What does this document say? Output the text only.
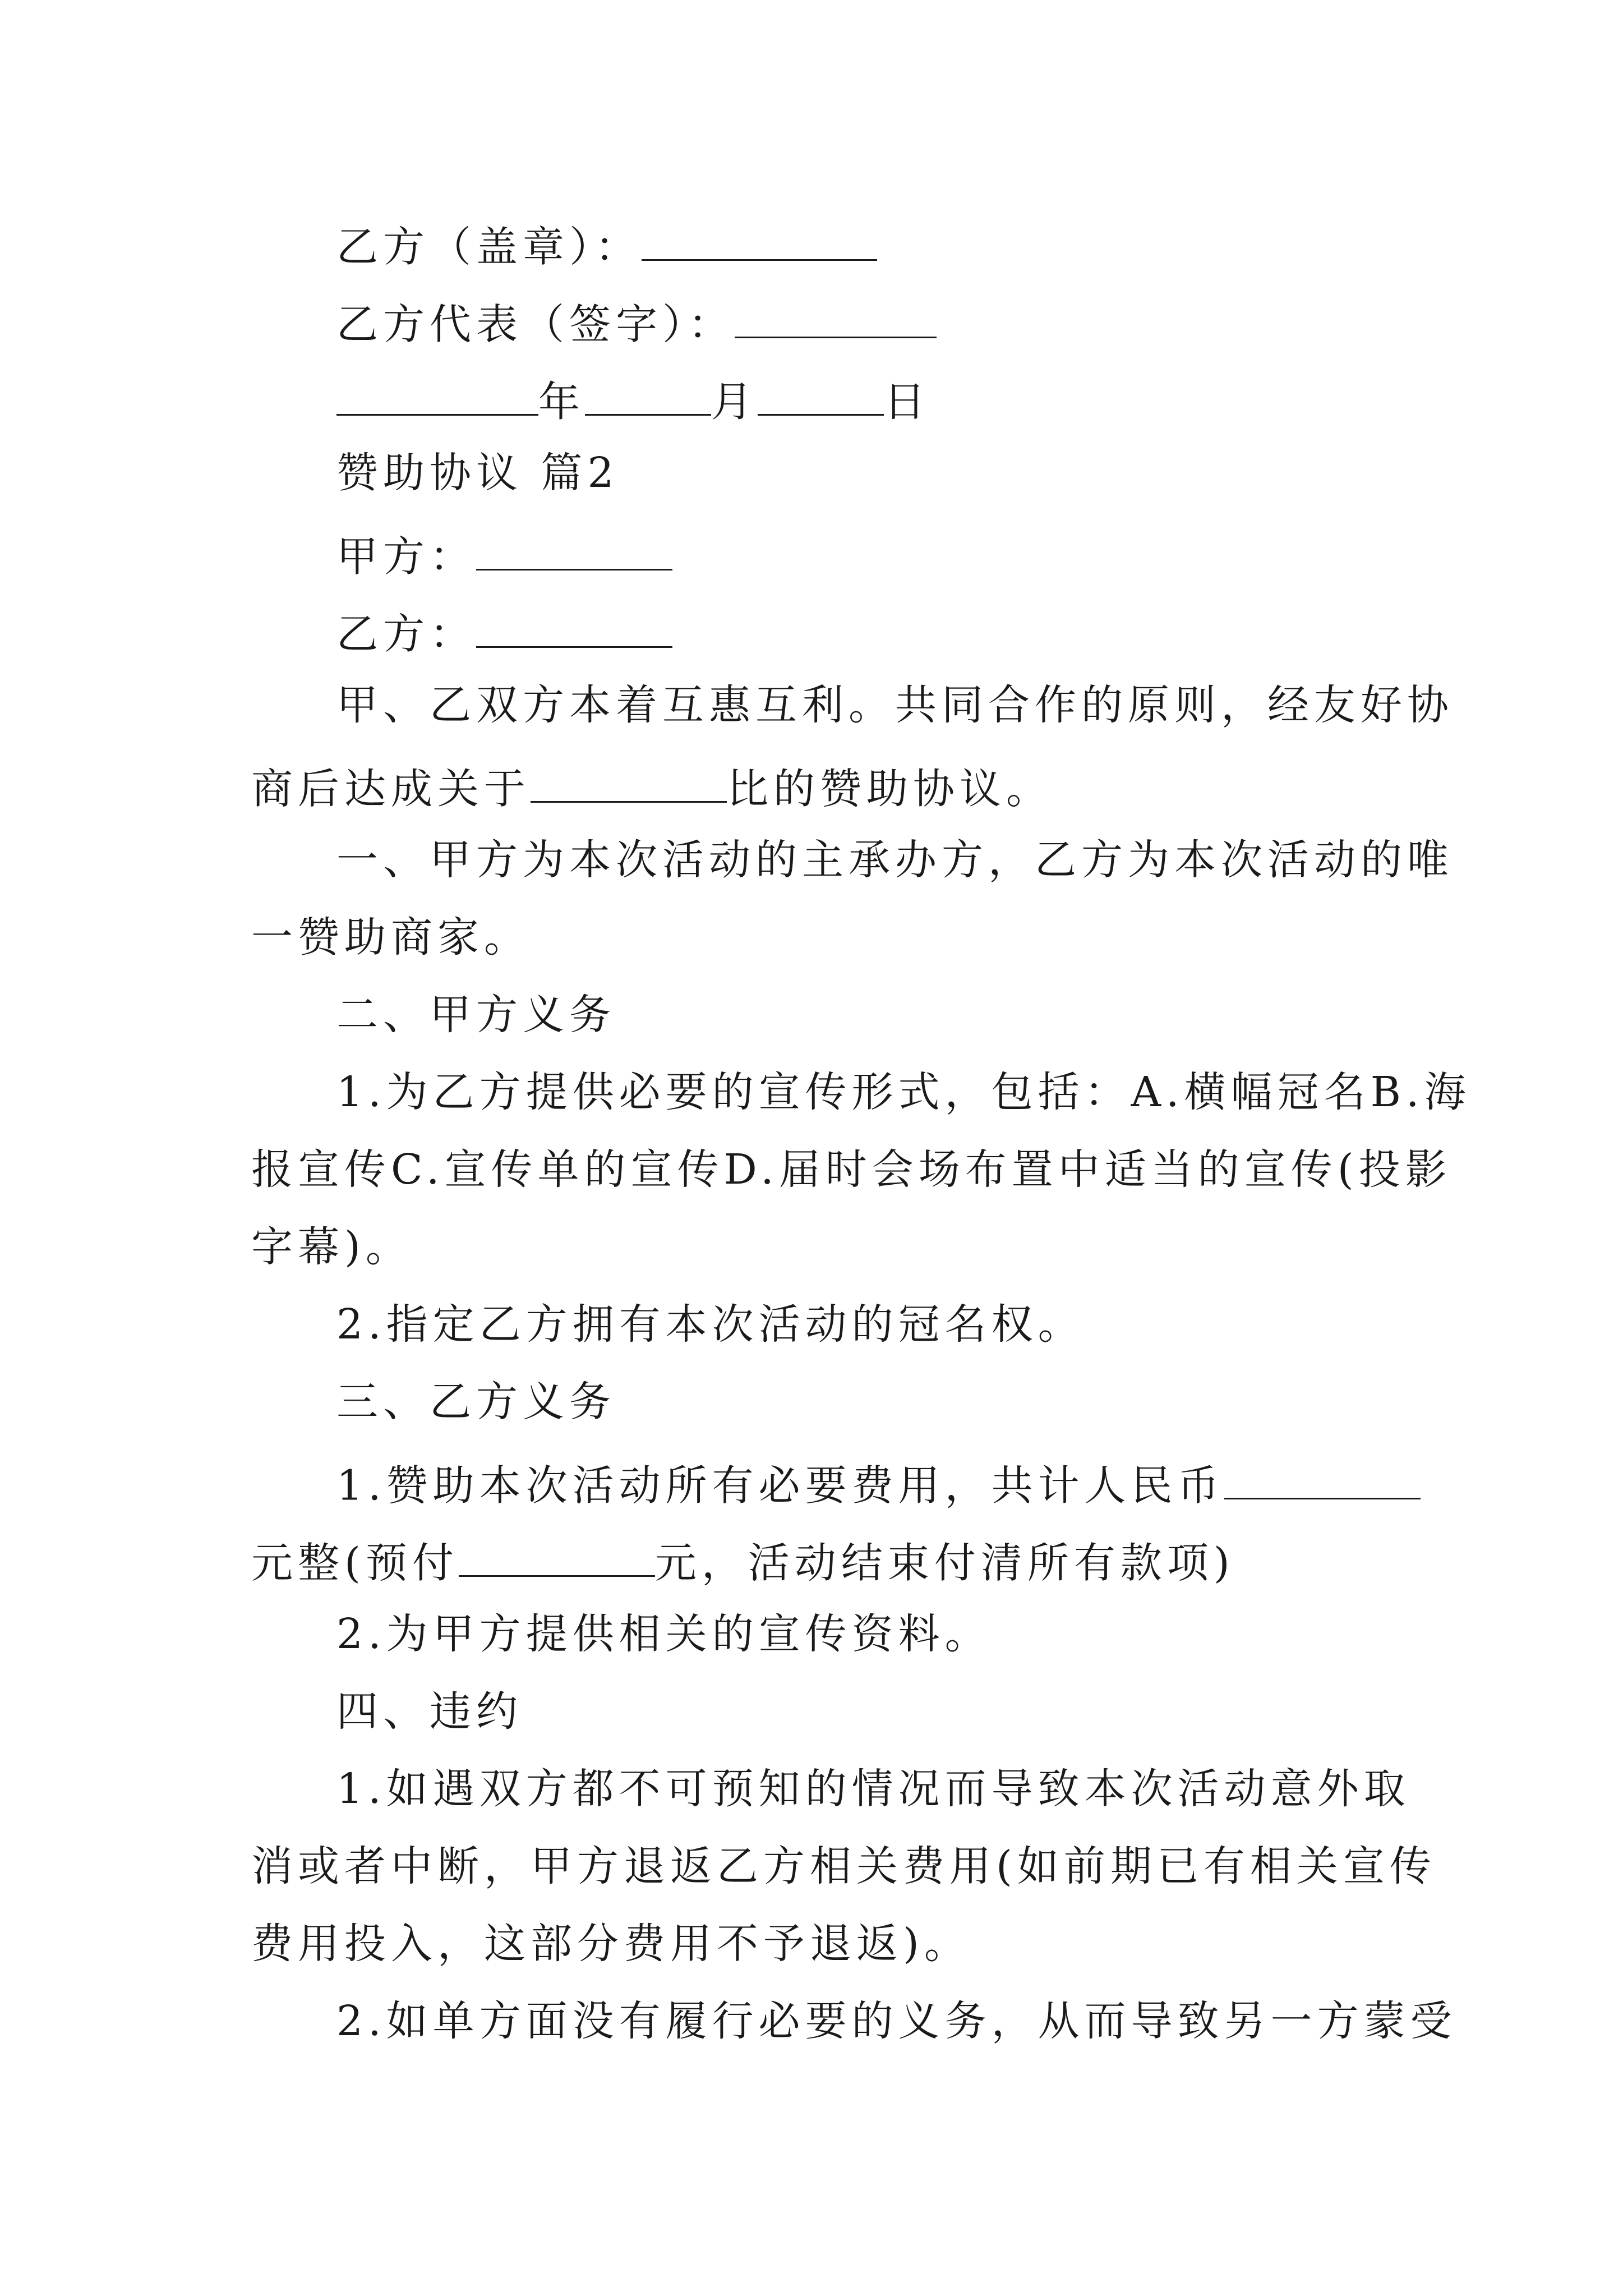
乙方（盖章）：
乙方代表（签字）：
年	月	日
赞助协议 篇2
甲方：
乙方：
甲、乙双方本着互惠互利。共同合作的原则，经友好协
商后达成关于	比的赞助协议。
一、甲方为本次活动的主承办方，乙方为本次活动的唯
一赞助商家。
二、甲方义务
1.为乙方提供必要的宣传形式，包括：A.横幅冠名B.海
报宣传C.宣传单的宣传D.届时会场布置中适当的宣传(投影
字幕)。
2.指定乙方拥有本次活动的冠名权。
三、乙方义务
1.赞助本次活动所有必要费用，共计人民币
元整(预付	元，活动结束付清所有款项)
2.为甲方提供相关的宣传资料。
四、违约
1.如遇双方都不可预知的情况而导致本次活动意外取
消或者中断，甲方退返乙方相关费用(如前期已有相关宣传
费用投入，这部分费用不予退返)。
2.如单方面没有履行必要的义务，从而导致另一方蒙受
